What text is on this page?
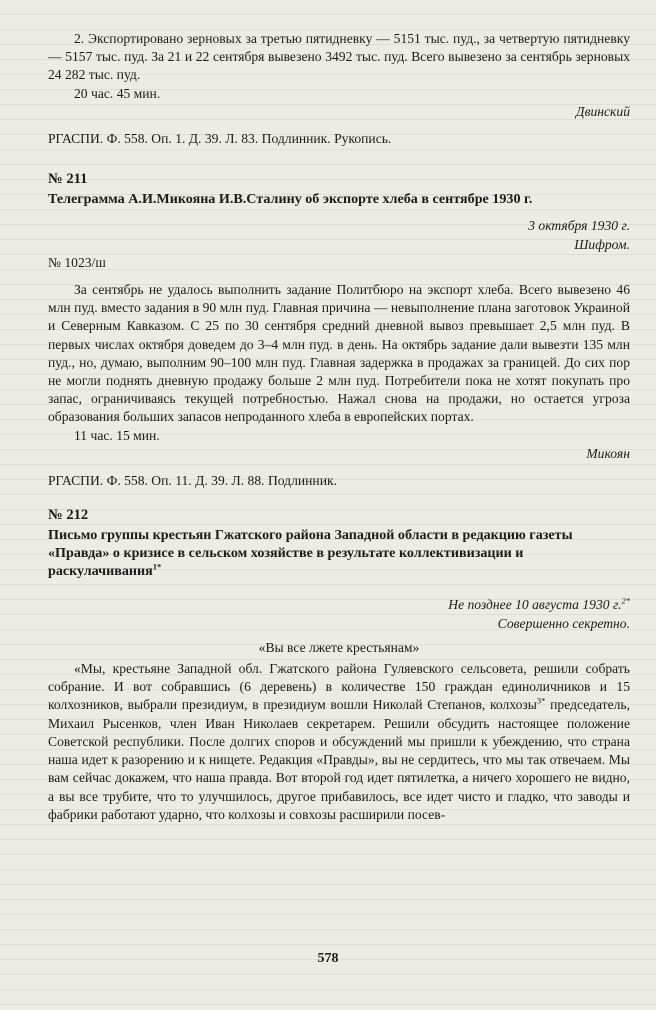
2. Экспортировано зерновых за третью пятидневку — 5151 тыс. пуд., за четвертую пятидневку — 5157 тыс. пуд. За 21 и 22 сентября вывезено 3492 тыс. пуд. Всего вывезено за сентябрь зерновых 24 282 тыс. пуд.

20 час. 45 мин.

Двинский

РГАСПИ. Ф. 558. Оп. 1. Д. 39. Л. 83. Подлинник. Рукопись.

№ 211

Телеграмма А.И.Микояна И.В.Сталину об экспорте хлеба в сентябре 1930 г.

3 октября 1930 г.

Шифром.

№ 1023/ш

За сентябрь не удалось выполнить задание Политбюро на экспорт хлеба. Всего вывезено 46 млн пуд. вместо задания в 90 млн пуд. Главная причина — невыполнение плана заготовок Украиной и Северным Кавказом. С 25 по 30 сентября средний дневной вывоз превышает 2,5 млн пуд. В первых числах октября доведем до 3–4 млн пуд. в день. На октябрь задание дали вывезти 135 млн пуд., но, думаю, выполним 90–100 млн пуд. Главная задержка в продажах за границей. До сих пор не могли поднять дневную продажу больше 2 млн пуд. Потребители пока не хотят покупать про запас, ограничиваясь текущей потребностью. Нажал снова на продажи, но остается угроза образования больших запасов непроданного хлеба в европейских портах.

11 час. 15 мин.

Микоян

РГАСПИ. Ф. 558. Оп. 11. Д. 39. Л. 88. Подлинник.

№ 212

Письмо группы крестьян Гжатского района Западной области в редакцию газеты «Правда» о кризисе в сельском хозяйстве в результате коллективизации и раскулачивания$^{1*}$

Не позднее 10 августа 1930 г.$^{2*}$

Совершенно секретно.

«Вы все лжете крестьянам»

«Мы, крестьяне Западной обл. Гжатского района Гуляевского сельсовета, решили собрать собрание. И вот собравшись (6 деревень) в количестве 150 граждан единоличников и 15 колхозников, выбрали президиум, в президиум вошли Николай Степанов, колхозы$^{3*}$ председатель, Михаил Рысенков, член Иван Николаев секретарем. Решили обсудить настоящее положение Советской республики. После долгих споров и обсуждений мы пришли к убеждению, что страна наша идет к разорению и к нищете. Редакция «Правды», вы не сердитесь, что мы так отвечаем. Мы вам сейчас докажем, что наша правда. Вот второй год идет пятилетка, а ничего хорошего не видно, а вы все трубите, что то улучшилось, другое прибавилось, все идет чисто и гладко, что заводы и фабрики работают ударно, что колхозы и совхозы расширили посев-

578
